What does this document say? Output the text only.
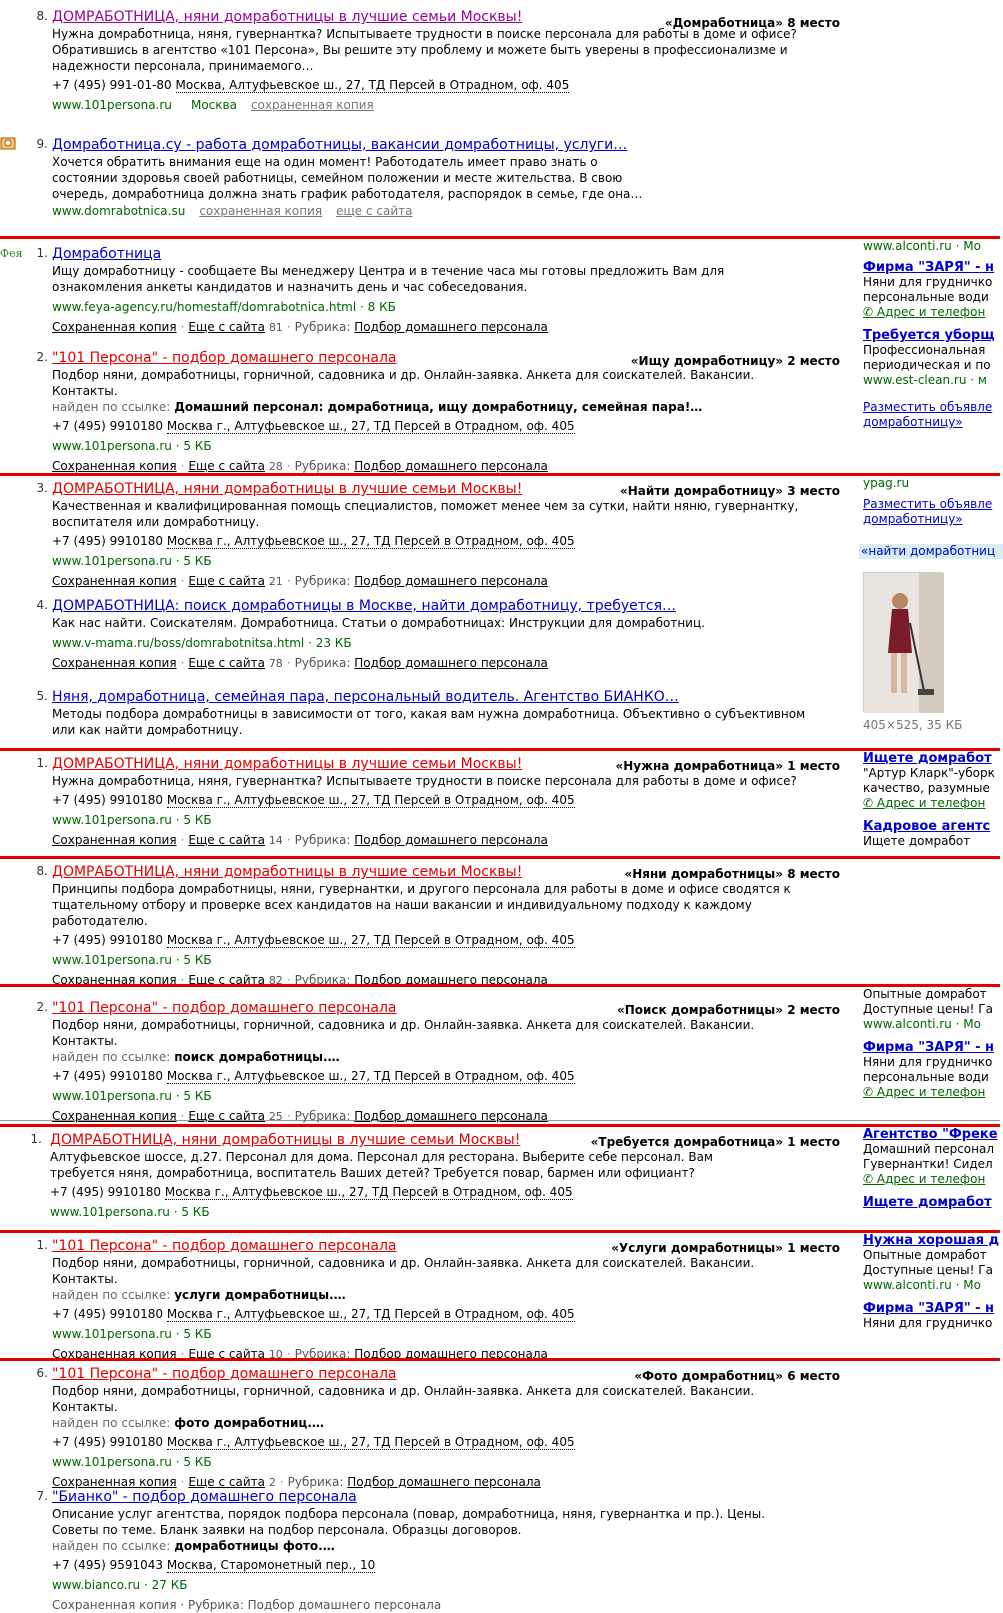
8. ДОМРАБОТНИЦА, няни домработницы в лучшие семьи Москвы!
Нужна домработница, няня, гувернантка? Испытываете трудности в поиске персонала для работы в доме и офисе? Обратившись в агентство «101 Персона», Вы решите эту проблему и можете быть уверены в профессионализме и надежности персонала, принимаемого…
+7 (495) 991-01-80 Москва, Алтуфьевское ш., 27, ТД Персей в Отрадном, оф. 405
www.101persona.ru Москва сохраненная копия
«Домработница» 8 место
9. Домработница.су - работа домработницы, вакансии домработницы, услуги…
Хочется обратить внимания еще на один момент! Работодатель имеет право знать о состоянии здоровья своей работницы, семейном положении и месте жительства. В свою очередь, домработница должна знать график работодателя, распорядок в семье, где она…
www.domrabotnica.su сохраненная копия еще с сайта
Фея	1. Домработница
Ищу домработницу - сообщаете Вы менеджеру Центра и в течение часа мы готовы предложить Вам для ознакомления анкеты кандидатов и назначить день и час собеседования.
www.feya-agency.ru/homestaff/domrabotnica.html · 8 КБ
Сохраненная копия · Еще с сайта 81 · Рубрика: Подбор домашнего персонала
2. "101 Персона" - подбор домашнего персонала
Подбор няни, домработницы, горничной, садовника и др. Онлайн-заявка. Анкета для соискателей. Вакансии. Контакты.
найден по ссылке: Домашний персонал: домработница, ищу домработницу, семейная пара!…
+7 (495) 9910180 Москва г., Алтуфьевское ш., 27, ТД Персей в Отрадном, оф. 405
www.101persona.ru · 5 КБ
Сохраненная копия · Еще с сайта 28 · Рубрика: Подбор домашнего персонала
«Ищу домработницу» 2 место
www.alconti.ru · Мо
Фирма "ЗАРЯ" - н
Няни для грудничко
персональные води
✆ Адрес и телефон
Требуется уборщ
Профессиональная
периодическая и по
www.est-clean.ru · м
Разместить объявле
домработницу»
3. ДОМРАБОТНИЦА, няни домработницы в лучшие семьи Москвы!
Качественная и квалифицированная помощь специалистов, поможет менее чем за сутки, найти няню, гувернантку, воспитателя или домработницу.
+7 (495) 9910180 Москва г., Алтуфьевское ш., 27, ТД Персей в Отрадном, оф. 405
www.101persona.ru · 5 КБ
Сохраненная копия · Еще с сайта 21 · Рубрика: Подбор домашнего персонала
«Найти домработницу» 3 место
4. ДОМРАБОТНИЦА: поиск домработницы в Москве, найти домработницу, требуется…
Как нас найти. Соискателям. Домработница. Статьи о домработницах: Инструкции для домработниц.
www.v-mama.ru/boss/domrabotnitsa.html · 23 КБ
Сохраненная копия · Еще с сайта 78 · Рубрика: Подбор домашнего персонала
5. Няня, домработница, семейная пара, персональный водитель. Агентство БИАНКО…
Методы подбора домработницы в зависимости от того, какая вам нужна домработница. Объективно о субъективном или как найти домработницу.
ypag.ru
Разместить объявле
домработницу»
«найти домработниц
405×525, 35 КБ
1. ДОМРАБОТНИЦА, няни домработницы в лучшие семьи Москвы!
Нужна домработница, няня, гувернантка? Испытываете трудности в поиске персонала для работы в доме и офисе?
+7 (495) 9910180 Москва г., Алтуфьевское ш., 27, ТД Персей в Отрадном, оф. 405
www.101persona.ru · 5 КБ
Сохраненная копия · Еще с сайта 14 · Рубрика: Подбор домашнего персонала
«Нужна домработница» 1 место Ищете домработ
"Артур Кларк"-уборк
качество, разумные
✆ Адрес и телефон
Кадровое агентс
Ищете домработ
8. ДОМРАБОТНИЦА, няни домработницы в лучшие семьи Москвы!
Принципы подбора домработницы, няни, гувернантки, и другого персонала для работы в доме и офисе сводятся к тщательному отбору и проверке всех кандидатов на наши вакансии и индивидуальному подходу к каждому работодателю.
+7 (495) 9910180 Москва г., Алтуфьевское ш., 27, ТД Персей в Отрадном, оф. 405
www.101persona.ru · 5 КБ
Сохраненная копия · Еще с сайта 82 · Рубрика: Подбор домашнего персонала
«Няни домработницы» 8 место
2. "101 Персона" - подбор домашнего персонала
Подбор няни, домработницы, горничной, садовника и др. Онлайн-заявка. Анкета для соискателей. Вакансии. Контакты.
найден по ссылке: поиск домработницы.…
+7 (495) 9910180 Москва г., Алтуфьевское ш., 27, ТД Персей в Отрадном, оф. 405
www.101persona.ru · 5 КБ
Сохраненная копия · Еще с сайта 25 · Рубрика: Подбор домашнего персонала
«Поиск домработницы» 2 место
Опытные домработ
Доступные цены! Га
www.alconti.ru · Мо
Фирма "ЗАРЯ" - н
Няни для грудничко
персональные води
✆ Адрес и телефон
1. ДОМРАБОТНИЦА, няни домработницы в лучшие семьи Москвы!
Алтуфьевское шоссе, д.27. Персонал для дома. Персонал для ресторана. Выберите себе персонал. Вам требуется няня, домработница, воспитатель Ваших детей? Требуется повар, бармен или официант?
+7 (495) 9910180 Москва г., Алтуфьевское ш., 27, ТД Персей в Отрадном, оф. 405
www.101persona.ru · 5 КБ
«Требуется домработница» 1 место Агентство "Фреке
Домашний персонал
Гувернантки! Сидел
✆ Адрес и телефон
Ищете домработ
1. "101 Персона" - подбор домашнего персонала
Подбор няни, домработницы, горничной, садовника и др. Онлайн-заявка. Анкета для соискателей. Вакансии. Контакты.
найден по ссылке: услуги домработницы.…
+7 (495) 9910180 Москва г., Алтуфьевское ш., 27, ТД Персей в Отрадном, оф. 405
www.101persona.ru · 5 КБ
Сохраненная копия · Еще с сайта 10 · Рубрика: Подбор домашнего персонала
«Услуги домработницы» 1 место Нужна хорошая д
Опытные домработ
Доступные цены! Га
www.alconti.ru · Мо
Фирма "ЗАРЯ" - н
Няни для грудничко
6. "101 Персона" - подбор домашнего персонала
Подбор няни, домработницы, горничной, садовника и др. Онлайн-заявка. Анкета для соискателей. Вакансии. Контакты.
найден по ссылке: фото домработниц.…
+7 (495) 9910180 Москва г., Алтуфьевское ш., 27, ТД Персей в Отрадном, оф. 405
www.101persona.ru · 5 КБ
Сохраненная копия · Еще с сайта 2 · Рубрика: Подбор домашнего персонала
«Фото домработниц» 6 место
7. "Бианко" - подбор домашнего персонала
Описание услуг агентства, порядок подбора персонала (повар, домработница, няня, гувернантка и пр.). Цены. Советы по теме. Бланк заявки на подбор персонала. Образцы договоров.
найден по ссылке: домработницы фото.…
+7 (495) 9591043 Москва, Старомонетный пер., 10
www.bianco.ru · 27 КБ
Сохраненная копия · Рубрика: Подбор домашнего персонала
